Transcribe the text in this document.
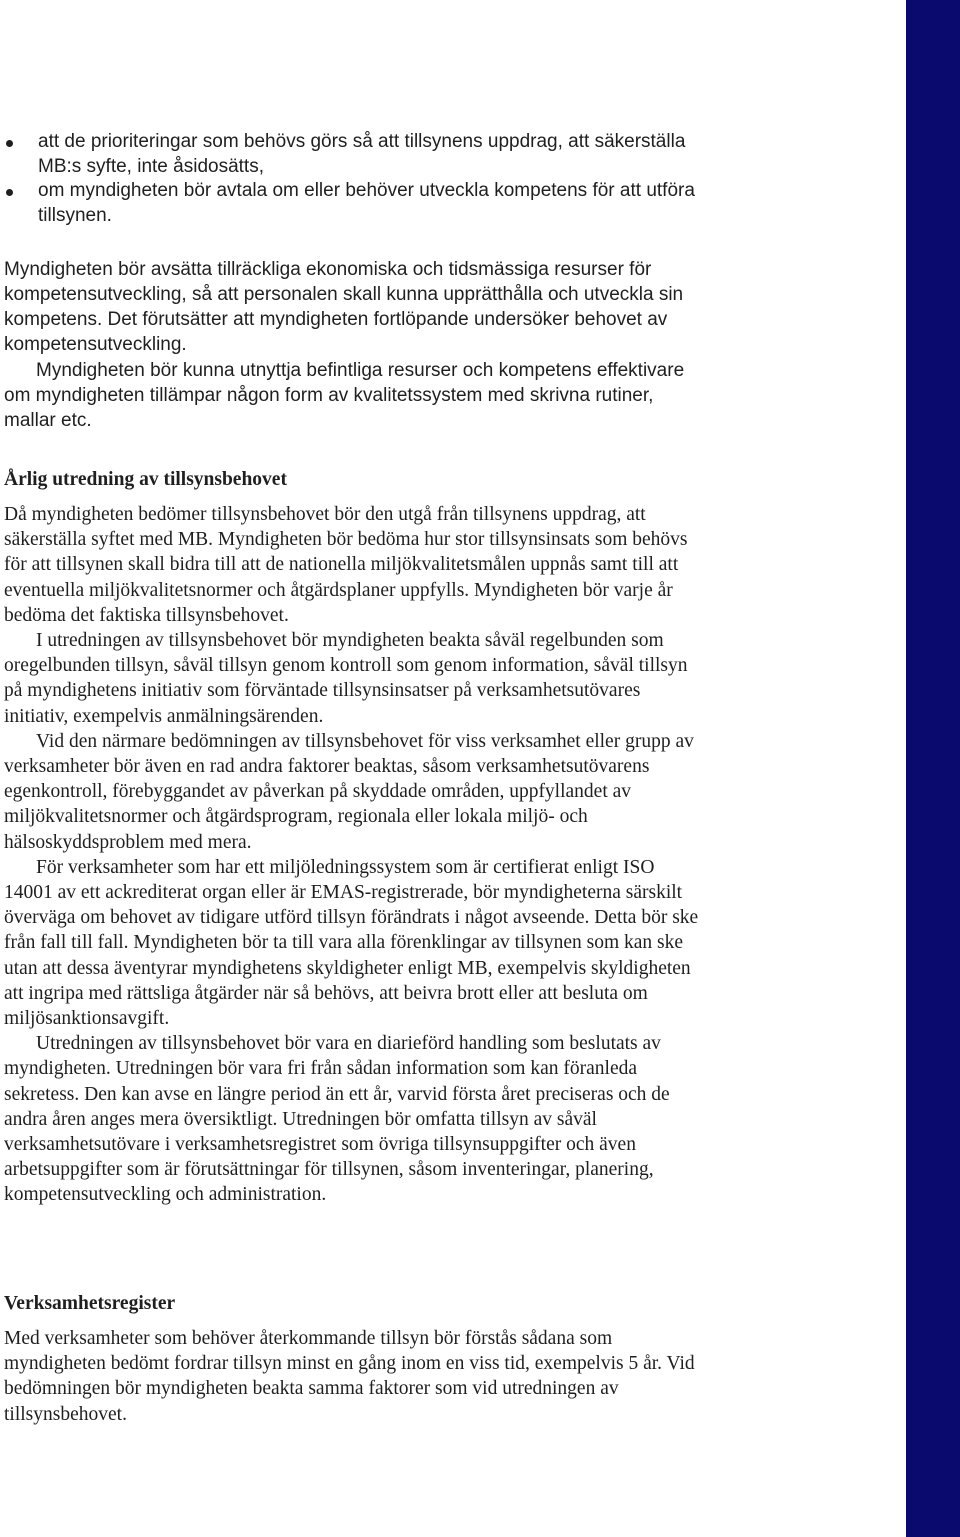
att de prioriteringar som behövs görs så att tillsynens uppdrag, att säkerställa MB:s syfte, inte åsidosätts,
om myndigheten bör avtala om eller behöver utveckla kompetens för att utföra tillsynen.

Myndigheten bör avsätta tillräckliga ekonomiska och tidsmässiga resurser för kompetensutveckling, så att personalen skall kunna upprätthålla och utveckla sin kompetens. Det förutsätter att myndigheten fortlöpande undersöker behovet av kompetensutveckling.

Myndigheten bör kunna utnyttja befintliga resurser och kompetens effektivare om myndigheten tillämpar någon form av kvalitetssystem med skrivna rutiner, mallar etc.

Årlig utredning av tillsynsbehovet
Då myndigheten bedömer tillsynsbehovet bör den utgå från tillsynens uppdrag, att säkerställa syftet med MB. Myndigheten bör bedöma hur stor tillsynsinsats som behövs för att tillsynen skall bidra till att de nationella miljökvalitetsmålen uppnås samt till att eventuella miljökvalitetsnormer och åtgärdsplaner uppfylls. Myndigheten bör varje år bedöma det faktiska tillsynsbehovet.
I utredningen av tillsynsbehovet bör myndigheten beakta såväl regelbunden som oregelbunden tillsyn, såväl tillsyn genom kontroll som genom information, såväl tillsyn på myndighetens initiativ som förväntade tillsynsinsatser på verksamhetsutövares initiativ, exempelvis anmälningsärenden.
Vid den närmare bedömningen av tillsynsbehovet för viss verksamhet eller grupp av verksamheter bör även en rad andra faktorer beaktas, såsom verksamhetsutövarens egenkontroll, förebyggandet av påverkan på skyddade områden, uppfyllandet av miljökvalitetsnormer och åtgärdsprogram, regionala eller lokala miljö- och hälsoskyddsproblem med mera.
För verksamheter som har ett miljöledningssystem som är certifierat enligt ISO 14001 av ett ackrediterat organ eller är EMAS-registrerade, bör myndigheterna särskilt överväga om behovet av tidigare utförd tillsyn förändrats i något avseende. Detta bör ske från fall till fall. Myndigheten bör ta till vara alla förenklingar av tillsynen som kan ske utan att dessa äventyrar myndighetens skyldigheter enligt MB, exempelvis skyldigheten att ingripa med rättsliga åtgärder när så behövs, att beivra brott eller att besluta om miljösanktionsavgift.
Utredningen av tillsynsbehovet bör vara en diarieförd handling som beslutats av myndigheten. Utredningen bör vara fri från sådan information som kan föranleda sekretess. Den kan avse en längre period än ett år, varvid första året preciseras och de andra åren anges mera översiktligt. Utredningen bör omfatta tillsyn av såväl verksamhetsutövare i verksamhetsregistret som övriga tillsynsuppgifter och även arbetsuppgifter som är förutsättningar för tillsynen, såsom inventeringar, planering, kompetensutveckling och administration.
Verksamhetsregister
Med verksamheter som behöver återkommande tillsyn bör förstås sådana som myndigheten bedömt fordrar tillsyn minst en gång inom en viss tid, exempelvis 5 år. Vid bedömningen bör myndigheten beakta samma faktorer som vid utredningen av tillsynsbehovet.
